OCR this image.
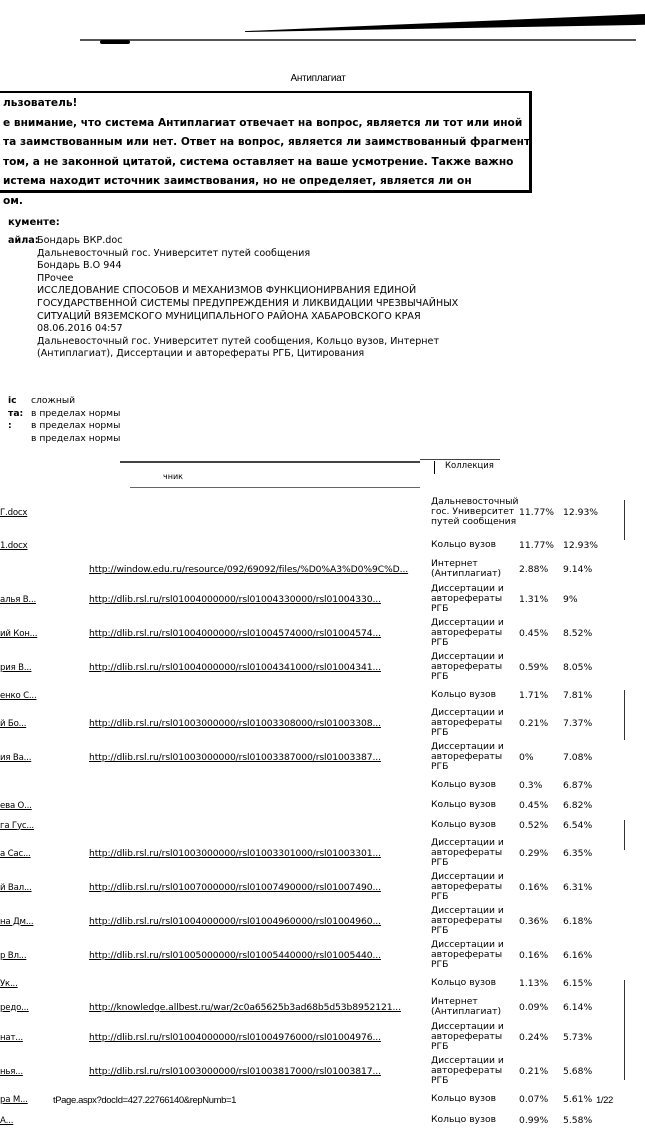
Антиплагиат
льзователь!
е внимание, что система Антиплагиат отвечает на вопрос, является ли тот или иной
та заимствованным или нет. Ответ на вопрос, является ли заимствованный фрагмент
том, а не законной цитатой, система оставляет на ваше усмотрение. Также важно
истема находит источник заимствования, но не определяет, является ли он
ом.
кументе:
айла:
Бондарь ВКР.doc
Дальневосточный гос. Университет путей сообщения
Бондарь В.О 944
ПРочее
ИССЛЕДОВАНИЕ СПОСОБОВ И МЕХАНИЗМОВ ФУНКЦИОНИРВАНИЯ ЕДИНОЙ
ГОСУДАРСТВЕННОЙ СИСТЕМЫ ПРЕДУПРЕЖДЕНИЯ И ЛИКВИДАЦИИ ЧРЕЗВЫЧАЙНЫХ
СИТУАЦИЙ ВЯЗЕМСКОГО МУНИЦИПАЛЬНОГО РАЙОНА ХАБАРОВСКОГО КРАЯ
08.06.2016 04:57
Дальневосточный гос. Университет путей сообщения, Кольцо вузов, Интернет
(Антиплагиат), Диссертации и авторефераты РГБ, Цитирования
іс	сложный
та: в пределах нормы
:	в пределах нормы
в пределах нормы
чник
Коллекция
Г.docx		Дальневосточный гос. Университет путей сообщения	11.77%	12.93%
1.docx		Кольцо вузов	11.77%	12.93%
	http://window.edu.ru/resource/092/69092/files/%D0%A3%D0%9C%D...	Интернет (Антиплагиат)	2.88%	9.14%
алья В...	http://dlib.rsl.ru/rsl01004000000/rsl01004330000/rsl01004330...	Диссертации и авторефераты РГБ	1.31%	9%
ий Кон...	http://dlib.rsl.ru/rsl01004000000/rsl01004574000/rsl01004574...	Диссертации и авторефераты РГБ	0.45%	8.52%
рия В...	http://dlib.rsl.ru/rsl01004000000/rsl01004341000/rsl01004341...	Диссертации и авторефераты РГБ	0.59%	8.05%
енко С...		Кольцо вузов	1.71%	7.81%
й Бо...	http://dlib.rsl.ru/rsl01003000000/rsl01003308000/rsl01003308...	Диссертации и авторефераты РГБ	0.21%	7.37%
ия Ва...	http://dlib.rsl.ru/rsl01003000000/rsl01003387000/rsl01003387...	Диссертации и авторефераты РГБ	0%	7.08%
		Кольцо вузов	0.3%	6.87%
ева О...		Кольцо вузов	0.45%	6.82%
га Гус...		Кольцо вузов	0.52%	6.54%
а Сас...	http://dlib.rsl.ru/rsl01003000000/rsl01003301000/rsl01003301...	Диссертации и авторефераты РГБ	0.29%	6.35%
й Вал...	http://dlib.rsl.ru/rsl01007000000/rsl01007490000/rsl01007490...	Диссертации и авторефераты РГБ	0.16%	6.31%
на Дм...	http://dlib.rsl.ru/rsl01004000000/rsl01004960000/rsl01004960...	Диссертации и авторефераты РГБ	0.36%	6.18%
р Вл...	http://dlib.rsl.ru/rsl01005000000/rsl01005440000/rsl01005440...	Диссертации и авторефераты РГБ	0.16%	6.16%
Ук...		Кольцо вузов	1.13%	6.15%
редо...	http://knowledge.allbest.ru/war/2c0a65625b3ad68b5d53b8952121...	Интернет (Антиплагиат)	0.09%	6.14%
нат...	http://dlib.rsl.ru/rsl01004000000/rsl01004976000/rsl01004976...	Диссертации и авторефераты РГБ	0.24%	5.73%
нья...	http://dlib.rsl.ru/rsl01003000000/rsl01003817000/rsl01003817...	Диссертации и авторефераты РГБ	0.21%	5.68%
ра М...		Кольцо вузов	0.07%	5.61%
А...		Кольцо вузов	0.99%	5.58%
tPage.aspx?docId=427.22766140&repNumb=1	1/22
